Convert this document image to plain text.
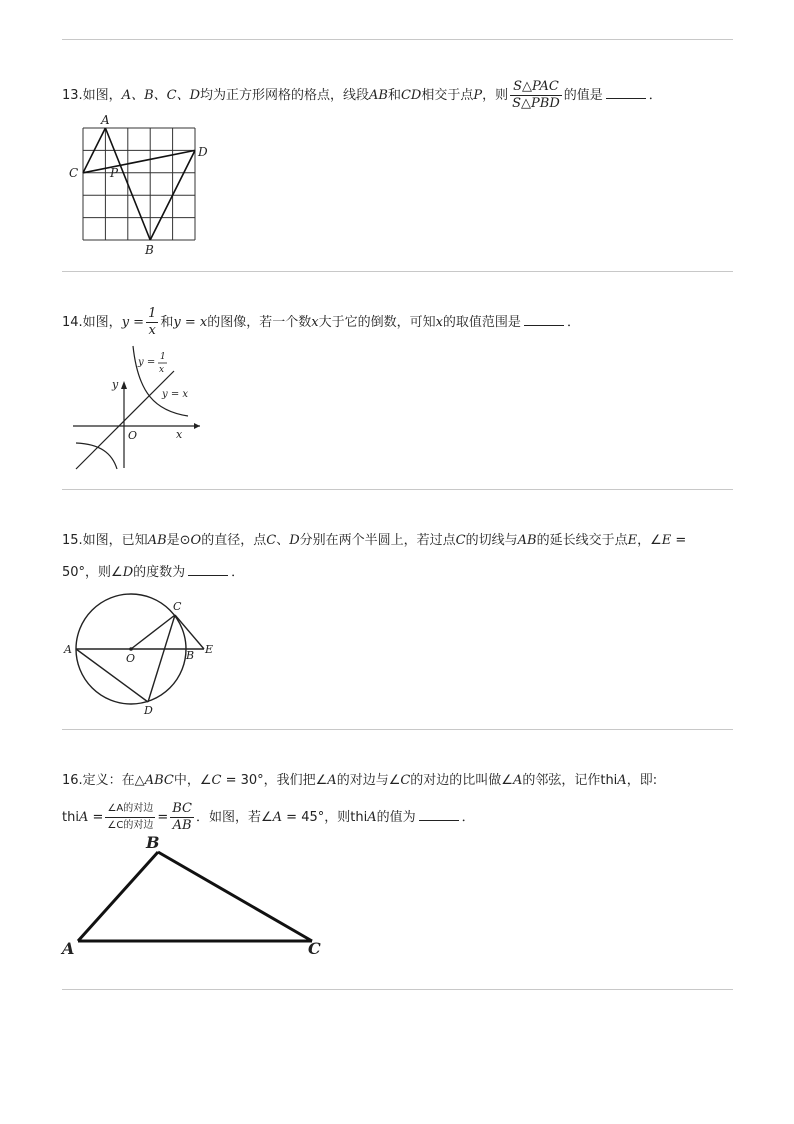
13.如图，A、B、C、D均为正方形网格的格点，线段AB和CD相交于点P，则 $\frac{\text{S△PAC}}{\text{S△PBD}}$ 的值是	．
A
C	P
D
B
14.如图，$y = \frac{1}{x}$ 和y = x的图像，若一个数x大于它的倒数，可知x的取值范围是	．
y
x
O
y = 1
x
y = x
15.如图，已知AB是⊙O的直径，点C、D分别在两个半圆上，若过点C的切线与AB的延长线交于点E，∠E =
50°，则∠D的度数为	．
A
O	B E
C
D
16.定义：在△ABC中，∠C = 30°，我们把∠A的对边与∠C的对边的比叫做∠A的邻弦，记作thiA，即:
thiA = $\frac{\text{∠A的对边}}{\text{∠C的对边}} = \frac{BC}{AB}$ ．如图，若∠A = 45°，则thiA的值为	．
B
A	C
